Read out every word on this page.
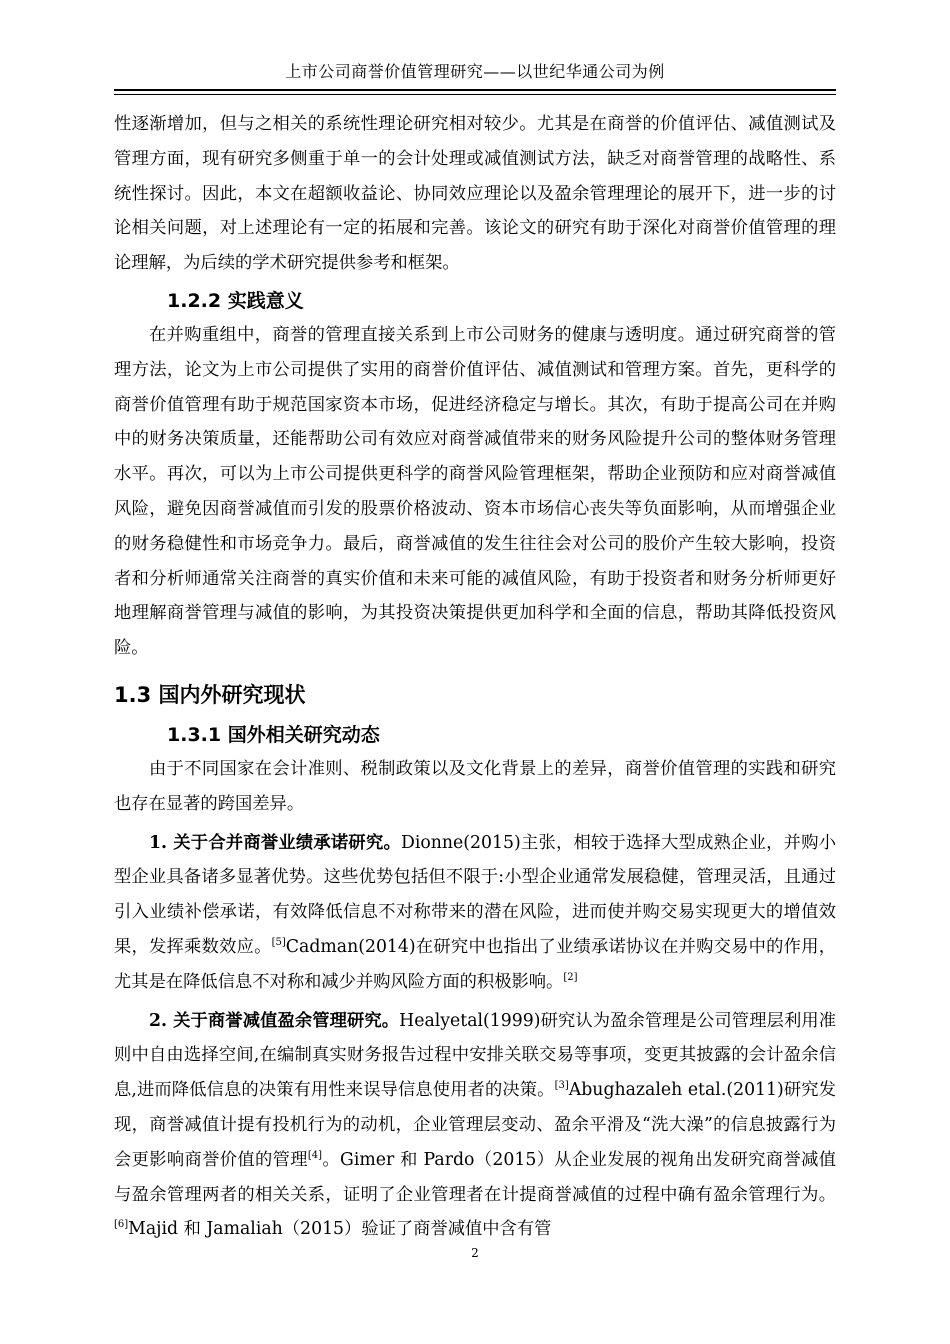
上市公司商誉价值管理研究——以世纪华通公司为例

性逐渐增加，但与之相关的系统性理论研究相对较少。尤其是在商誉的价值评估、减值测试及管理方面，现有研究多侧重于单一的会计处理或减值测试方法，缺乏对商誉管理的战略性、系统性探讨。因此，本文在超额收益论、协同效应理论以及盈余管理理论的展开下，进一步的讨论相关问题，对上述理论有一定的拓展和完善。该论文的研究有助于深化对商誉价值管理的理论理解，为后续的学术研究提供参考和框架。

1.2.2 实践意义

在并购重组中，商誉的管理直接关系到上市公司财务的健康与透明度。通过研究商誉的管理方法，论文为上市公司提供了实用的商誉价值评估、减值测试和管理方案。首先，更科学的商誉价值管理有助于规范国家资本市场，促进经济稳定与增长。其次，有助于提高公司在并购中的财务决策质量，还能帮助公司有效应对商誉减值带来的财务风险提升公司的整体财务管理水平。再次，可以为上市公司提供更科学的商誉风险管理框架，帮助企业预防和应对商誉减值风险，避免因商誉减值而引发的股票价格波动、资本市场信心丧失等负面影响，从而增强企业的财务稳健性和市场竞争力。最后，商誉减值的发生往往会对公司的股价产生较大影响，投资者和分析师通常关注商誉的真实价值和未来可能的减值风险，有助于投资者和财务分析师更好地理解商誉管理与减值的影响，为其投资决策提供更加科学和全面的信息，帮助其降低投资风险。

1.3 国内外研究现状
1.3.1 国外相关研究动态

由于不同国家在会计准则、税制政策以及文化背景上的差异，商誉价值管理的实践和研究也存在显著的跨国差异。

1. 关于合并商誉业绩承诺研究。Dionne(2015)主张，相较于选择大型成熟企业，并购小型企业具备诸多显著优势。这些优势包括但不限于:小型企业通常发展稳健，管理灵活，且通过引入业绩补偿承诺，有效降低信息不对称带来的潜在风险，进而使并购交易实现更大的增值效果，发挥乘数效应。[5]Cadman(2014)在研究中也指出了业绩承诺协议在并购交易中的作用，尤其是在降低信息不对称和减少并购风险方面的积极影响。[2]

2. 关于商誉减值盈余管理研究。Healyetal(1999)研究认为盈余管理是公司管理层利用准则中自由选择空间,在编制真实财务报告过程中安排关联交易等事项，变更其披露的会计盈余信息,进而降低信息的决策有用性来误导信息使用者的决策。[3]Abughazaleh etal.(2011)研究发现，商誉减值计提有投机行为的动机，企业管理层变动、盈余平滑及“洗大澡”的信息披露行为会更影响商誉价值的管理[4]。Gimer 和 Pardo（2015）从企业发展的视角出发研究商誉减值与盈余管理两者的相关关系，证明了企业管理者在计提商誉减值的过程中确有盈余管理行为。[6]Majid 和 Jamaliah（2015）验证了商誉减值中含有管

2
